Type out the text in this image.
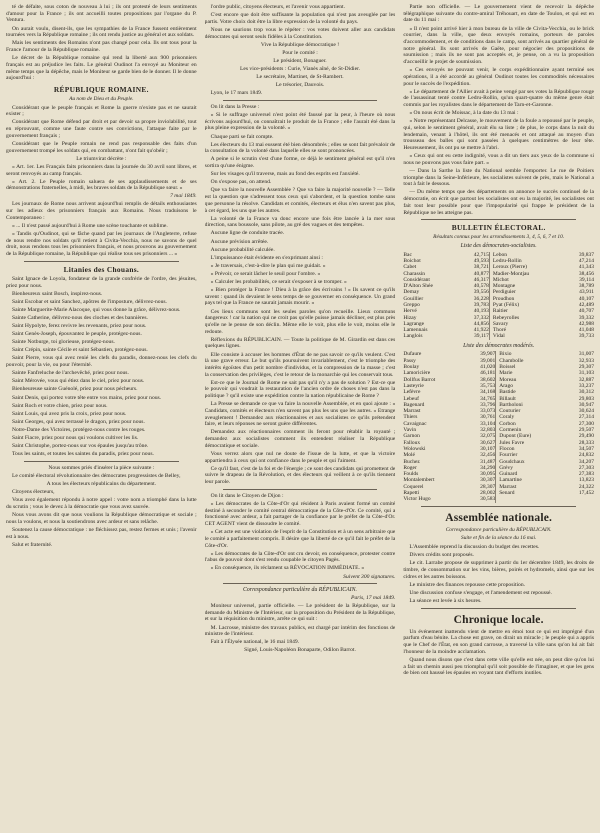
té de défaite, sous coton de nouveau à lui ; ils ont protesté de leurs sentiments d'amour pour la France ; ils ont accueilli toutes propositions par l'organe du P. Ventura.

On aurait voulu, disent-ils, que les sympathies de la France fussent entièrement tournées vers la République romaine ; ils ont rendu justice au général et aux soldats.

Mais les sentiments des Romains n'ont pas changé pour cela. Ils ont tous pour la France l'amour de la République romaine.

Le décret de la République romaine qui rend la liberté aux 900 prisonniers français est au préjudice les faits. Le général Oudinot l'a envoyé au Moniteur en même temps que la dépêche, mais le Moniteur se garde bien de le donner. Il le donne aujourd'hui :

RÉPUBLIQUE ROMAINE.
Au nom de Dieu et du Peuple.

Considérant que le peuple français et Rome la guerre n'existe pas et ne saurait exister ;

Considérant que Rome défend par droit et par devoir sa propre inviolabilité, tout en réprouvant, comme une faute contre ses convictions, l'attaque faite par le gouvernement français ;

Considérant que le Peuple romain ne rend pas responsable des faits d'un gouvernement trompé les soldats qui, en combattant, n'ont fait qu'obéir ;

Le triumvirat décrète :

« Art. 1er. Les Français faits prisonniers dans la journée du 30 avril sont libres, et seront renvoyés au camp français.

« Art. 2. Le Peuple romain saluera de ses applaudissements et de ses démonstrations fraternelles, à midi, les braves soldats de la République sœur. »

7 mai 1849.

Les journaux de Rome nous arrivent aujourd'hui remplis de détails enthousiastes sur les adieux des prisonniers français aux Romains. Nous traduisons le Contemporaneo :

« ... Il n'est passé aujourd'hui à Rome une scène touchante et sublime.

« Tandis qu'Oudinot, qui se fâche quand par les journaux de l'Angleterre, refuse de nous rendre nos soldats qu'il retient à Civita-Vecchia, nous ne savons de quel droit, nous rendons tous les prisonniers français, et nous prouvons au gouvernement de la République romaine, la République qui réalise tous ses prisonniers ... »

Litanies des Chouans.

Saint Ignace de Loyola, fondateur de la grande confrérie de l'ordre, des jésuites, priez pour nous.

Bienheureux saint Bosch, inspirez-nous.

Saint Escobar et saint Sanchez, apôtres de l'imposture, délivrez-nous.

Sainte Marguerite-Marie Alacoque, qui vous donne la grâce, délivrez-nous.

Sainte Catherine, délivrez-nous des cloches et des bannières.

Saint Hypolyte, ferez revivre les revenants, priez pour nous.

Saint Genès-Joseph, épouvantez le peuple, protégez-nous.

Sainte Notburge, toi glorieuse, protégez-nous.

Saint Crépin, sainte Cécile et saint Sébastien, protégez-nous.

Saint Pierre, vous qui avez renié les clefs du paradis, donnez-nous les clefs du pouvoir, pour la vie, ou pour l'éternité.

Sainte Fanfreluche de l'archevêché, priez pour nous.

Saint Mérovée, vous qui étiez dans le ciel, priez pour nous.

Bienheureuse sainte Guénolé, priez pour nous pécheurs.

Saint Denis, qui portez votre tête entre vos mains, priez pour nous.

Saint Roch et votre chien, priez pour nous.

Saint Louis, qui avez pris la croix, priez pour nous.

Saint Georges, qui avez terrassé le dragon, priez pour nous.

Notre-Dame des Victoires, protégez-nous contre les rouges.

Saint Fiacre, priez pour nous qui voulons cultiver les lis.

Saint Christophe, portez-nous sur vos épaules jusqu'au trône.

Tous les saints, et toutes les saintes du paradis, priez pour nous.

Nous sommes priés d'insérer la pièce suivante :

Le comité électoral révolutionnaire des démocrates progressistes de Belley,

A tous les électeurs républicains du département.

Citoyens électeurs,

Vous avez également répondu à notre appel : votre nom a triomphé dans la lutte du scrutin ; vous le devez à la démocratie que vous avez sauvée.

Nous vous avons dit que nous voulions la République démocratique et sociale ; nous la voulons, et nous la soutiendrons avec ardeur et sans relâche.

Soutenez la cause démocratique : ne fléchissez pas, restez fermes et unis ; l'avenir est à nous.

Salut et fraternité.

l'ordre public, citoyens électeurs, et l'avenir vous appartient.

C'est encore que doit être suffisante la population qui n'est pas aveuglée par les partis. Votre choix doit être la libre expression de la volonté du pays.

Nous ne saurions trop vous le répéter : vos votes doivent aller aux candidats démocrates qui seront seuls fidèles à la Constitution.

Vive la République démocratique !

Pour le comité :

Le président, Bonaguer.

Les vice-présidents : Curie, Vianès aîné, de St-Didier.

Le secrétaire, Martinet, de St-Rambert.

Le trésorier, Dauvois.

Lyon, le 17 mars 1849.

On lit dans la Presse :

« Si le suffrage universel n'est point été faussé par la peur, à l'heure où nous écrivons aujourd'hui, on connaîtrait le produit de la France ; elle l'aurait été dans la plus pleine expression de la volonté. »

Chaque parti se fait compte.

Les électeurs du 13 mai eussent été bien dénombrés ; elles se sont fait prévaloir de la consultation de la volonté dans laquelle elles se sont prononcées.

A peine si le scrutin s'est d'une forme, ce déjà le sentiment général est qu'il n'en sortira qu'une énigme.

Sur les visages qu'il traverse, mais au fond des esprits est l'anxiété.

On s'expose pas, on attend.

Que va faire la nouvelle Assemblée ? Que va faire la majorité nouvelle ? — Telle est la question que s'adressent tous ceux qui s'abordent, et la question tombe sans que personne la résolve. Candidats et comités, électeurs et élus n'en savent pas plus, à cet égard, les uns que les autres.

La volonté de la France va donc encore une fois être lancée à la mer sous direction, sans boussole, sans pilote, au gré des vagues et des tempêtes.

Aucune ligne de conduite tracée.

Aucune prévision arrêtée.

Aucune probabilité calculée.

L'impuissance était évidente en s'exprimant ainsi :

« Je traversais, c'est-à-dire le plan qui me guidait. »

« Prévoir, ce serait lâcher le seuil pour l'ombre. »

« Calculer les probabilités, ce serait s'exposer à se tromper. »

« Bien protéger la France ! Dieu à la grâce des écrivains ! » Ils savent ce qu'ils savent : quand ils devaient le sens temps de se gouverner en conséquence. Un grand pays tel que la France ne saurait jamais mourir. »

Ces lieux communs sont les seules paroles qu'on recueille. Lieux communs dangereux ! car la nation qui ne croit pas qu'elle puisse jamais décliner, est plus près qu'elle ne le pense de son déclin. Même elle le voit, plus elle le voit, moins elle le redoute.

Réflexions du RÉPUBLICAIN. — Toute la politique de M. Girardin est dans ces quelques lignes.

Elle consiste à accuser les hommes d'État de ne pas savoir ce qu'ils veulent. C'est là une grave erreur. Le but qu'ils poursuivent invariablement, c'est le triomphe des intérêts égoïstes d'un petit nombre d'individus, et la compression de la masse ; c'est la conservation des privilèges, c'est le retour de la monarchie qui les conservait tous.

Est-ce que le Journal de Rome ne sait pas qu'il n'y a pas de solution ? Est-ce que le pouvoir qui voudrait la restauration de l'ancien ordre de choses n'est pas dans la politique ? qu'il existe une expédition contre la nation républicaine de Rome ?

La Presse se demande ce que va faire la nouvelle Assemblée, et en quoi ajoute : « Candidats, comités et électeurs n'en savent pas plus les uns que les autres. » Etrange aveuglement ! Demandez aux réactionnaires et aux socialistes ce qu'ils prétendent faire, et leurs réponses ne seront guère différentes.

Demandez aux réactionnaires comment ils feront pour rétablir la royauté ; demandez aux socialistes comment ils entendent réaliser la République démocratique et sociale.

Vous verrez alors que nul ne doute de l'issue de la lutte, et que la victoire appartiendra à ceux qui ont confiance dans le peuple et qui l'aiment.

Ce qu'il faut, c'est de la foi et de l'énergie ; ce sont des candidats qui promettent de suivre le drapeau de la Révolution, et des électeurs qui veillent à ce qu'ils tiennent leur parole.

On lit dans le Citoyen de Dijon :

« Les démocrates de la Côte-d'Or qui résident à Paris avaient formé un comité destiné à seconder le comité central démocratique de la Côte-d'Or. Ce comité, qui a fonctionné avec ardeur, a fait partager de la confiance par le préfet de la Côte-d'Or. CET AGENT vient de dissoudre le comité.

« Cet acte est une violation de l'esprit de la Constitution et à un sens arbitraire que le comité a parfaitement compris. Il désire que la liberté de ce qu'il fait le préfet de la Côte-d'Or.

« Les démocrates de la Côte-d'Or ont cru devoir, en conséquence, protester contre l'abus de pouvoir dont s'est rendu coupable le citoyen Pagès.

« En conséquence, ils réclament sa RÉVOCATION IMMÉDIATE. »

Suivent 300 signatures.

Correspondance particulière du RÉPUBLICAIN.

Paris, 17 mai 1849.

Moniteur universel, partie officielle. — Le président de la République, sur la demande du Ministre de l'Intérieur, sur la proposition du Président de la République, et sur la réquisition du ministre, arrête ce qui suit :

M. Lacrosse, ministre des travaux publics, est chargé par intérim des fonctions de ministre de l'intérieur.

Fait à l'Élysée national, le 16 mai 1849.

Signé, Louis-Napoléon Bonaparte, Odilon Barrot.

Partie non officielle. — Le gouvernement vient de recevoir la dépêche télégraphique suivante du contre-amiral Tréhouart, en date de Toulon, et qui est en date du 11 mai :

« Il n'est point arrivé hier à mon bureau de la ville de Civita-Vecchia, ou le brick courrier, dans la ville, que deux envoyés romains, porteurs de paroles d'accommodement, et de conditions dans le camp, sont arrivés au quartier général de notre général. Ils sont arrivés de Gaëte, pour négocier des propositions de soumission ; mais ils ne sont pas acceptés et, je pense, on a vu la proposition d'accueillir le projet de soumission.

« Ces envoyés ne pouvant venir, le corps expéditionnaire ayant terminé ses opérations, il a été accordé au général Oudinot toutes les commodités nécessaires pour le succès de l'expédition.

« Le département de l'Allier avait à peine vengé par ses votes la République rouge de l'assassinat tenté contre Ledru-Rollin, qu'un quart-quatre du même genre était commis par les royalistes dans le département de Tarn-et-Garonne.

« On nous écrit de Moissac, à la date du 13 mai :

« Notre représentant Delcasse, le mouvement de la foule a repoussé par le peuple, qui, selon le sentiment général, avait élu sa liste ; de plus, le corps dans la nuit du lendemain, venant à l'hôtel, ils ont été menacés et ont attaqué au moyen d'un trousseau des balles qui sont passées à quelques centimètres de leur tête. Heureusement, ils ont pu se mettre à l'abri.

« Ceux qui ont eu cette indignité, vous a dit un tiers aux yeux de la commune si nous ne pouvons pas vous faire part. »

— Dans la Sarthe la liste du National semble l'emporter. Le rue de Poitiers triomphe dans la Seine-Inférieure, les socialistes suivent de près, mais le National a tout à fait le dessous.

— Du même temps que des départements on annonce le succès continuel de la démocratie, on écrit que partout les socialistes ont eu la majorité, les socialistes ont fait tout leur possible pour que l'impopularité qui frappe le président de la République ne les atteigne pas.

BULLETIN ÉLECTORAL.
Résultats connus pour les arrondissements 3, 4, 5, 6, 7 et 10.
Liste des démocrates-socialistes.
Bac	42,715	Lebon	39,837
Boichot	49,593	Ledru-Rollin	47,214
Cabet	38,721	Leroux (Pierre)	41,343
Charassin	40,877	Madier-Montjau	38,456
Considérant	46,317	Michot	39,114
D'Alton Shée	40,578	Montagne	38,789
Demay	39,556	Perdiguier	43,911
Gouillier	36,228	Proudhon	40,107
Greppo	39,783	Pyat (Félix)	42,489
Hervé	40,193	Raitier	40,707
Hizay	37,332	Rebeyrolles	39,332
Lagrange	44,856	Savary	42,988
Lamennais	41,922	Thoré	41,048
Langlois	39,117	Vidal	39,733
Liste des démocrates modérés.
Dufaure	39,907	Bixio	31,007
Passy	39,001	Chambolle	32,933
Boulay	41,020	Boissel	29,307
Lamoricière	46,181	Marie	31,103
Dollfus Barrot	38,602	Moreau	32,887
Lasteyrie	35,753	Arago	33,237
Lefèvre	34,168	Bastide	30,312
Lebeuf	34,765	Billault	29,803
Bagenard	33,796	Bartholoni	30,947
Marrast	33,073	Couturier	30,624
Thiers	30,761	Coraly	27,314
Cavaignac	33,104	Corbon	27,300
Vavin	32,803	Cormenin	29,507
Garnon	32,075	Dupont (Eure)	29,490
Falloux	30,627	Jules Favre	28,333
Wolowski	30,107	Flocon	34,507
Molé	32,456	Fourrier	24,832
Buchez	31,487	Goudchaux	34,207
Roger	34,290	Grévy	27,303
Foulds	30,095	Guinard	27,383
Montalembert	30,307	Lamartine	13,823
Coquerel	28,307	Marrast	24,322
Rapetti	28,002	Senard	17,452
Victor Hugo	30,583		
Assemblée nationale.
Correspondance particulière du RÉPUBLICAIN.
Suite et fin de la séance du 16 mai.

L'Assemblée reprend la discussion du budget des recettes.

Divers crédits sont proposés.

Le cit. Larrabe propose de supprimer à partir du 1er décembre 1849, les droits de timbre, de consommation sur les vins, bières, poirés et hydromels, ainsi que sur les cidres et les autres boissons.

Le ministre des finances repousse cette proposition.

Une discussion confuse s'engage, et l'amendement est repoussé.

La séance est levée à six heures.

Chronique locale.

Un événement inattendu vient de mettre en émoi tout ce qui est imprégné d'un parfum d'eau bénite. La chose est grave, on dirait un miracle ; le peuple qui a appris que le Chef de l'État, en son grand carrosse, a traversé la ville sans qu'on lui ait fait l'honneur de la moindre acclamation.

Quand nous disons que c'est dans cette ville qu'elle est née, on peut dire qu'on lui a fait un chemin aussi peu triomphal qu'il soit possible de l'imaginer, et que les gens de bien ont haussé les épaules en voyant tant d'efforts inutiles.
